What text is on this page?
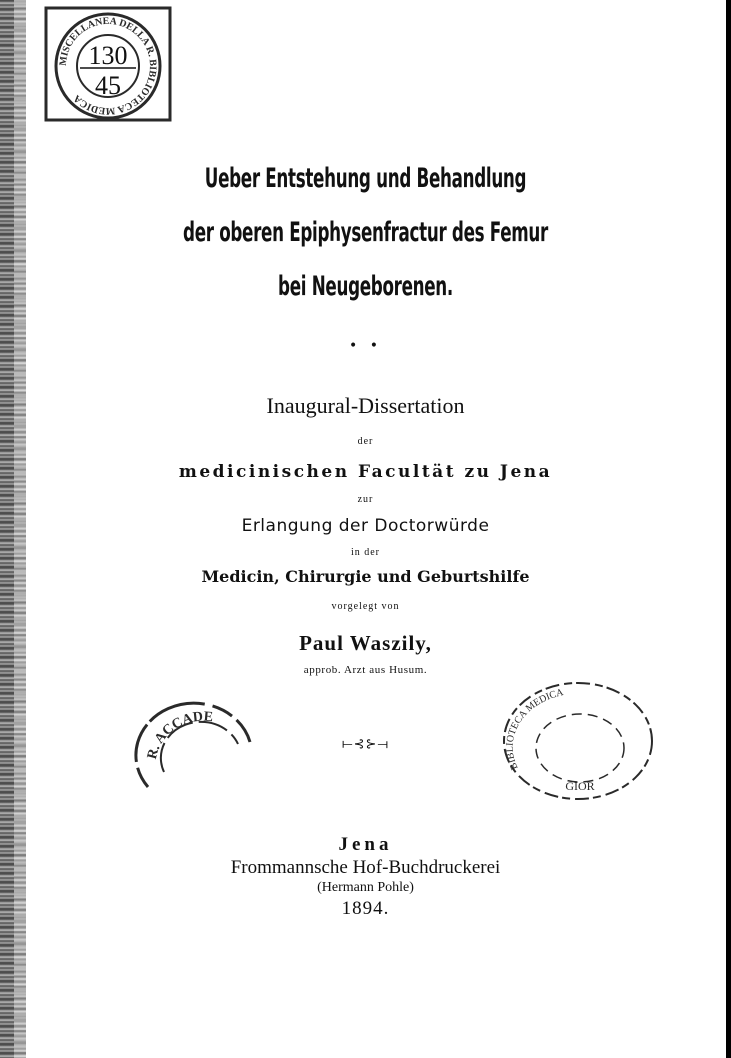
MISCELLANEA DELLA R. BIBLIOTECA MEDICA
130
45
Ueber Entstehung und Behandlung
der oberen Epiphysenfractur des Femur
bei Neugeborenen.
• •
Inaugural-Dissertation
der
medicinischen Facultät zu Jena
zur
Erlangung der Doctorwürde
in der
Medicin, Chirurgie und Geburtshilfe
vorgelegt von
Paul Waszily,
approb. Arzt aus Husum.
R. ACCADE
⟝⊰⊱⟞
BIBLIOTECA MEDICA
GIOR
Jena
Frommannsche Hof-Buchdruckerei
(Hermann Pohle)
1894.
